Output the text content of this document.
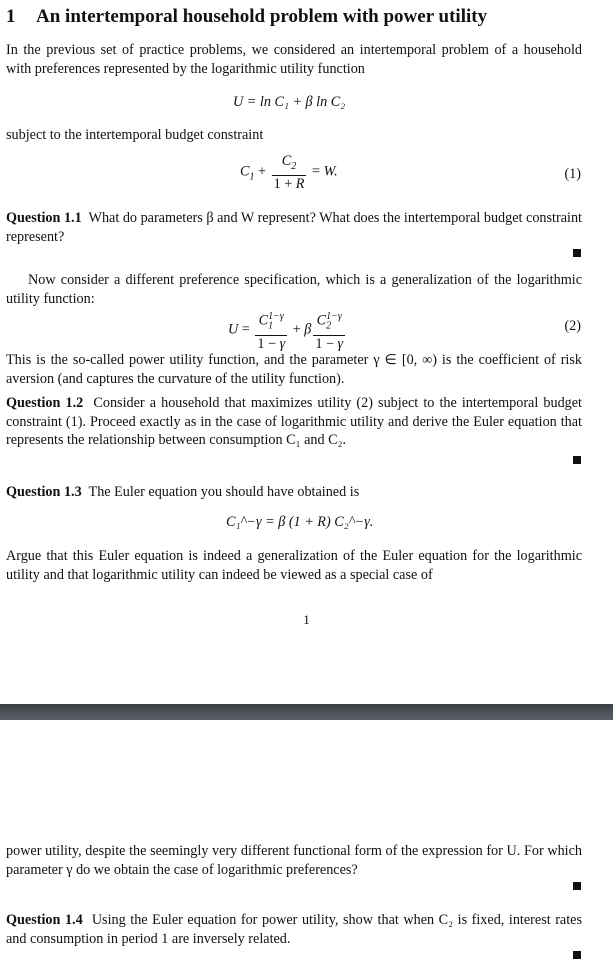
1 An intertemporal household problem with power utility

In the previous set of practice problems, we considered an intertemporal problem of a household with preferences represented by the logarithmic utility function

U = ln C₁ + β ln C₂

subject to the intertemporal budget constraint

$C_1 + \frac{C_2}{1 + R} = W$.	(1)

Question 1.1 What do parameters β and W represent? What does the intertemporal budget constraint represent?

Now consider a different preference specification, which is a generalization of the logarithmic utility function:

$U = \frac{C_1^{1-\gamma}}{1 - \gamma} + \beta \frac{C_2^{1-\gamma}}{1 - \gamma}$	(2)

This is the so-called power utility function, and the parameter γ ∈ [0, ∞) is the coefficient of risk aversion (and captures the curvature of the utility function).

Question 1.2 Consider a household that maximizes utility (2) subject to the intertemporal budget constraint (1). Proceed exactly as in the case of logarithmic utility and derive the Euler equation that represents the relationship between consumption C₁ and C₂.

Question 1.3 The Euler equation you should have obtained is

C₁^−γ = β (1 + R) C₂^−γ.

Argue that this Euler equation is indeed a generalization of the Euler equation for the logarithmic utility and that logarithmic utility can indeed be viewed as a special case of

1

power utility, despite the seemingly very different functional form of the expression for U. For which parameter γ do we obtain the case of logarithmic preferences?

Question 1.4 Using the Euler equation for power utility, show that when C₂ is fixed, interest rates and consumption in period 1 are inversely related.
